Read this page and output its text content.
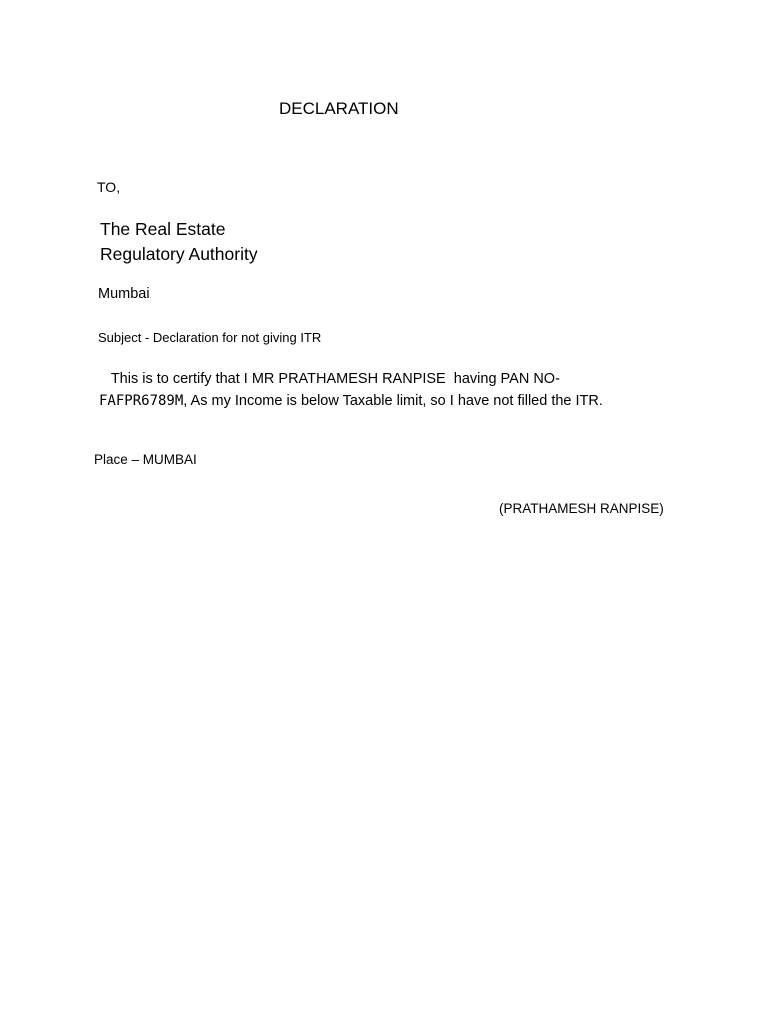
DECLARATION

TO,

The Real Estate

Regulatory Authority

Mumbai

Subject - Declaration for not giving ITR

This is to certify that I MR PRATHAMESH RANPISE  having PAN NO-

FAFPR6789M, As my Income is below Taxable limit, so I have not filled the ITR.

Place – MUMBAI

(PRATHAMESH RANPISE)
